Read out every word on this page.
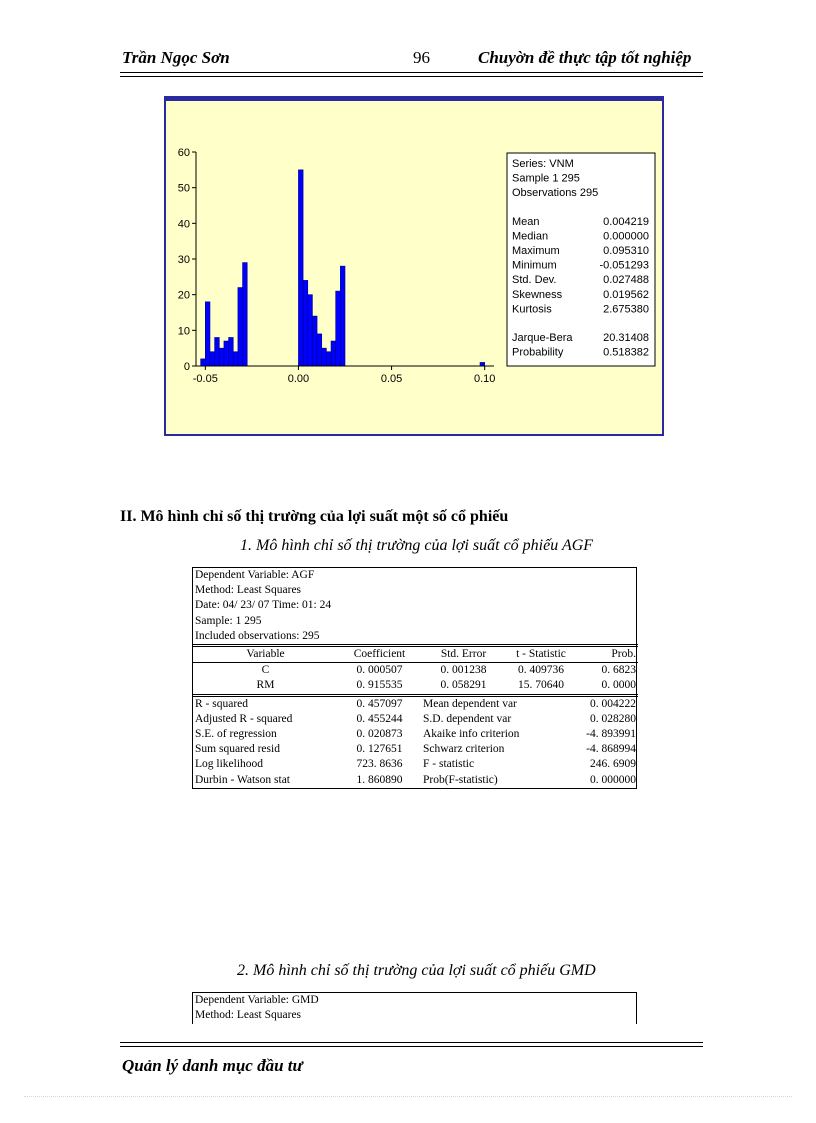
Trần Ngọc Sơn	96	Chuyờn đề thực tập tốt nghiệp
0
10
20
30
40
50
60
-0.05	0.00	0.05	0.10
Series: VNM
Sample 1 295
Observations 295
Mean	0.004219
Median	0.000000
Maximum	0.095310
Minimum	-0.051293
Std. Dev.	0.027488
Skewness	0.019562
Kurtosis	2.675380
Jarque-Bera	20.31408
Probability	0.518382
II. Mô hình chỉ số thị trường của lợi suất một số cổ phiếu
1. Mô hình chỉ số thị trường của lợi suất cổ phiếu AGF
Dependent Variable: AGF
Method: Least Squares
Date: 04/ 23/ 07 Time: 01: 24
Sample: 1 295
Included observations: 295
Variable	Coefficient	Std. Error	t - Statistic	Prob.
C	0. 000507	0. 001238	0. 409736	0. 6823
RM	0. 915535	0. 058291	15. 70640	0. 0000
R - squared	0. 457097	Mean dependent var	0. 004222
Adjusted R - squared	0. 455244	S.D. dependent var	0. 028280
S.E. of regression	0. 020873	Akaike info criterion	-4. 893991
Sum squared resid	0. 127651	Schwarz criterion	-4. 868994
Log likelihood	723. 8636	F - statistic	246. 6909
Durbin - Watson stat	1. 860890	Prob(F-statistic)	0. 000000
2. Mô hình chỉ số thị trường của lợi suất cổ phiếu GMD
Dependent Variable: GMD
Method: Least Squares
Quản lý danh mục đầu tư
